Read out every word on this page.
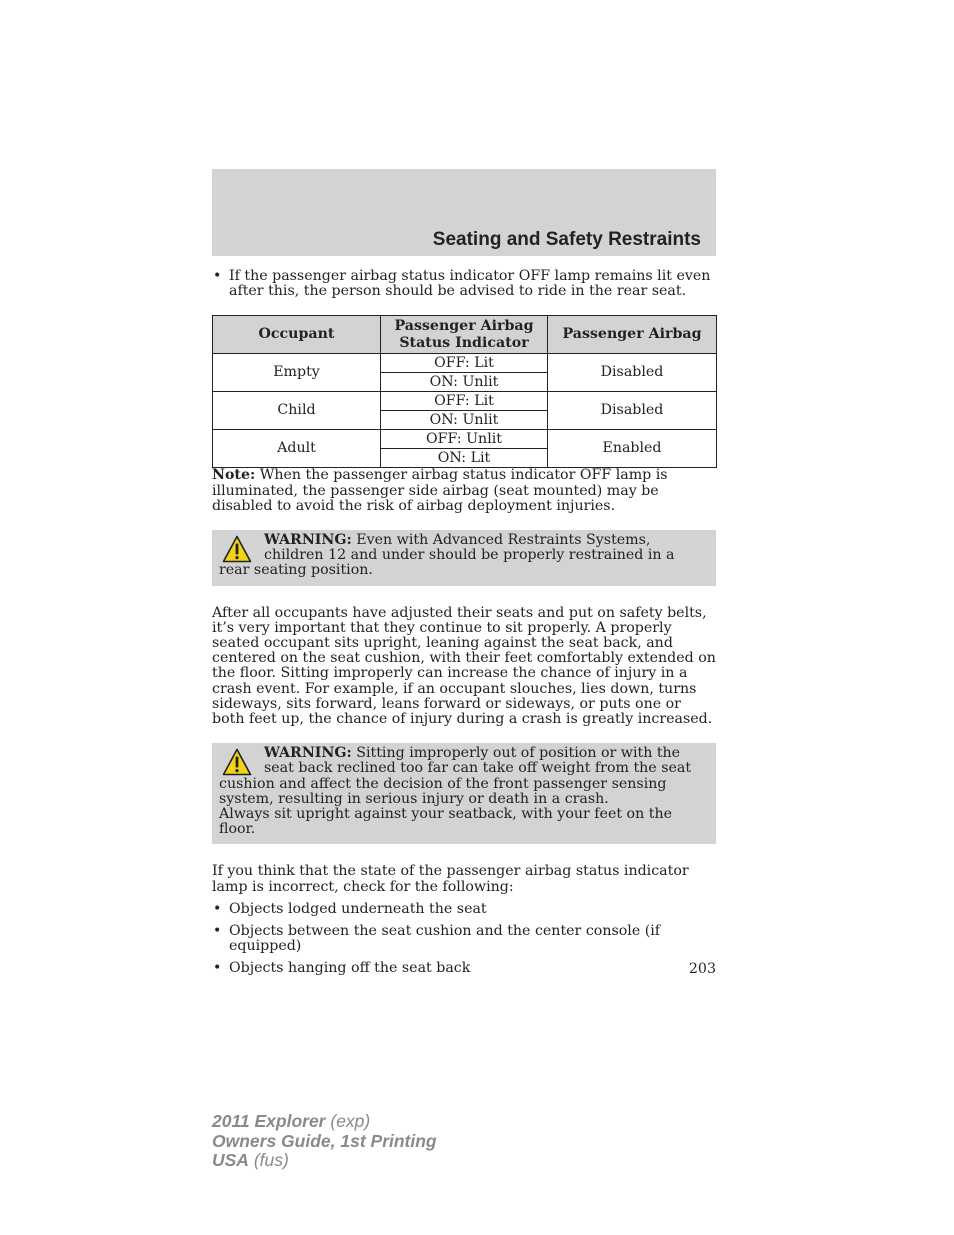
Seating and Safety Restraints
• If the passenger airbag status indicator OFF lamp remains lit even after this, the person should be advised to ride in the rear seat.
Occupant	Passenger Airbag Status Indicator	Passenger Airbag
Empty	OFF: Lit	Disabled
	ON: Unlit	
Child	OFF: Lit	Disabled
	ON: Unlit	
Adult	OFF: Unlit	Enabled
	ON: Lit	

Note: When the passenger airbag status indicator OFF lamp is illuminated, the passenger side airbag (seat mounted) may be disabled to avoid the risk of airbag deployment injuries.

WARNING: Even with Advanced Restraints Systems, children 12 and under should be properly restrained in a rear seating position.

After all occupants have adjusted their seats and put on safety belts, it’s very important that they continue to sit properly. A properly seated occupant sits upright, leaning against the seat back, and centered on the seat cushion, with their feet comfortably extended on the floor. Sitting improperly can increase the chance of injury in a crash event. For example, if an occupant slouches, lies down, turns sideways, sits forward, leans forward or sideways, or puts one or both feet up, the chance of injury during a crash is greatly increased.

WARNING: Sitting improperly out of position or with the seat back reclined too far can take off weight from the seat cushion and affect the decision of the front passenger sensing system, resulting in serious injury or death in a crash.
Always sit upright against your seatback, with your feet on the floor.

If you think that the state of the passenger airbag status indicator lamp is incorrect, check for the following:

• Objects lodged underneath the seat
• Objects between the seat cushion and the center console (if equipped)
• Objects hanging off the seat back	203
2011 Explorer (exp)
Owners Guide, 1st Printing
USA (fus)
